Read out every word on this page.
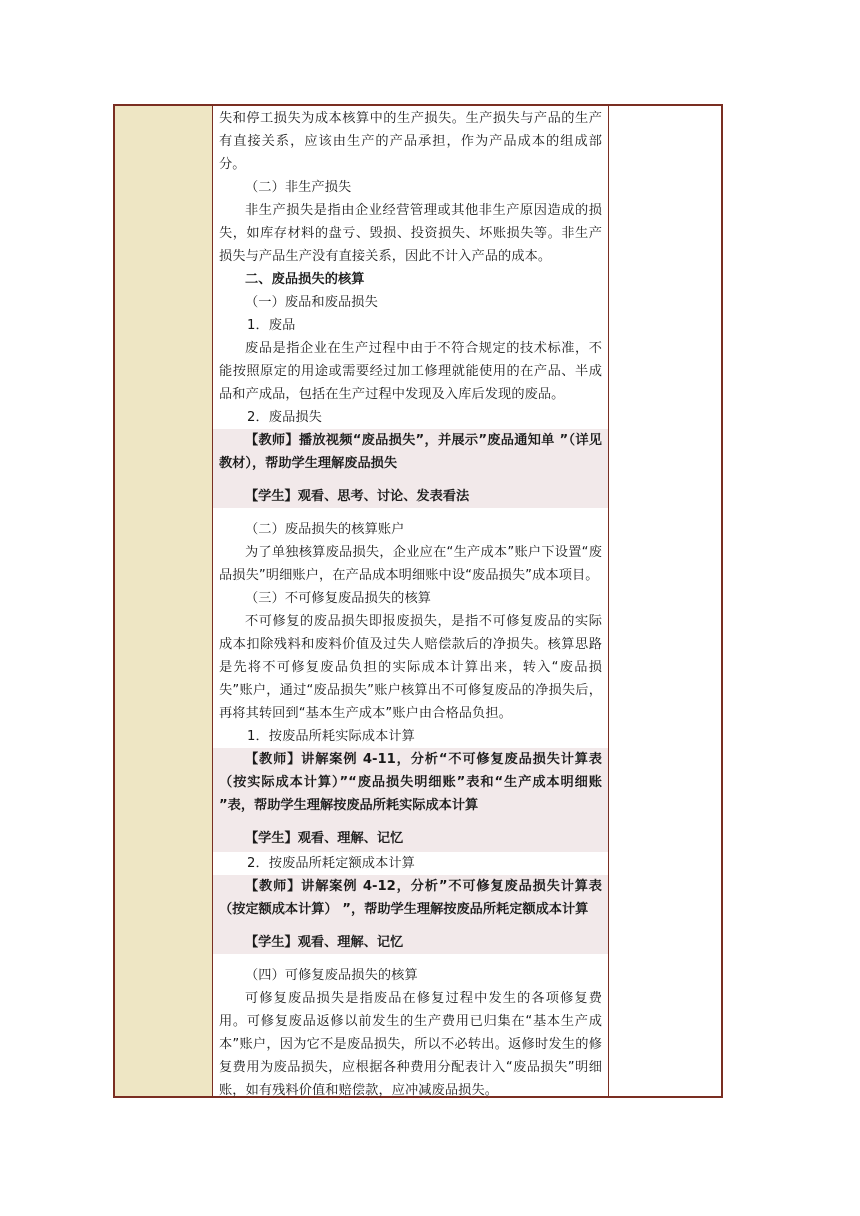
失和停工损失为成本核算中的生产损失。生产损失与产品的生产有直接关系，应该由生产的产品承担，作为产品成本的组成部分。

（二）非生产损失

非生产损失是指由企业经营管理或其他非生产原因造成的损失，如库存材料的盘亏、毁损、投资损失、坏账损失等。非生产损失与产品生产没有直接关系，因此不计入产品的成本。

二、废品损失的核算

（一）废品和废品损失

1．废品

废品是指企业在生产过程中由于不符合规定的技术标准，不能按照原定的用途或需要经过加工修理就能使用的在产品、半成品和产成品，包括在生产过程中发现及入库后发现的废品。

2．废品损失

【教师】播放视频“废品损失”，并展示”废品通知单 ”（详见教材），帮助学生理解废品损失

【学生】观看、思考、讨论、发表看法

（二）废品损失的核算账户

为了单独核算废品损失，企业应在“生产成本”账户下设置“废品损失”明细账户，在产品成本明细账中设“废品损失”成本项目。

（三）不可修复废品损失的核算

不可修复的废品损失即报废损失，是指不可修复废品的实际成本扣除残料和废料价值及过失人赔偿款后的净损失。核算思路是先将不可修复废品负担的实际成本计算出来，转入“废品损失”账户，通过“废品损失”账户核算出不可修复废品的净损失后，再将其转回到“基本生产成本”账户由合格品负担。

1．按废品所耗实际成本计算

【教师】讲解案例 4-11，分析“不可修复废品损失计算表（按实际成本计算）”“废品损失明细账”表和“生产成本明细账 ”表，帮助学生理解按废品所耗实际成本计算

【学生】观看、理解、记忆

2．按废品所耗定额成本计算

【教师】讲解案例 4-12，分析”不可修复废品损失计算表（按定额成本计算） ”，帮助学生理解按废品所耗定额成本计算

【学生】观看、理解、记忆

（四）可修复废品损失的核算

可修复废品损失是指废品在修复过程中发生的各项修复费用。可修复废品返修以前发生的生产费用已归集在“基本生产成本”账户，因为它不是废品损失，所以不必转出。返修时发生的修复费用为废品损失，应根据各种费用分配表计入“废品损失”明细账，如有残料价值和赔偿款，应冲减废品损失。
